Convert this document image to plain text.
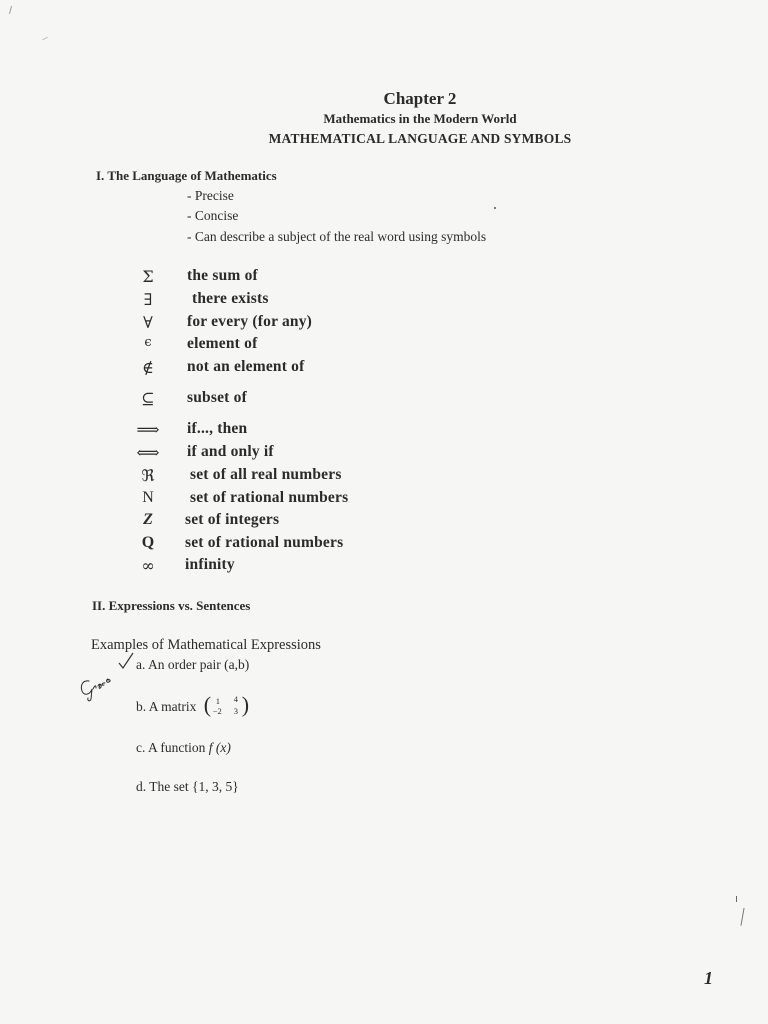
Chapter 2
Mathematics in the Modern World
MATHEMATICAL LANGUAGE AND SYMBOLS
I. The Language of Mathematics
- Precise
- Concise
- Can describe a subject of the real word using symbols
Σ	the sum of
∃	there exists
∀	for every (for any)
ϵ	element of
∉	not an element of
⊆	subset of
⟹ if..., then
⟺ if and only if
ℜ	set of all real numbers
N	set of rational numbers
Z	set of integers
Q	set of rational numbers
∞	infinity
II. Expressions vs. Sentences
Examples of Mathematical Expressions
a. An order pair (a,b)
b. A matrix ( 1 4
−2 3 )
c. A function f (x)
d. The set {1, 3, 5}
1
